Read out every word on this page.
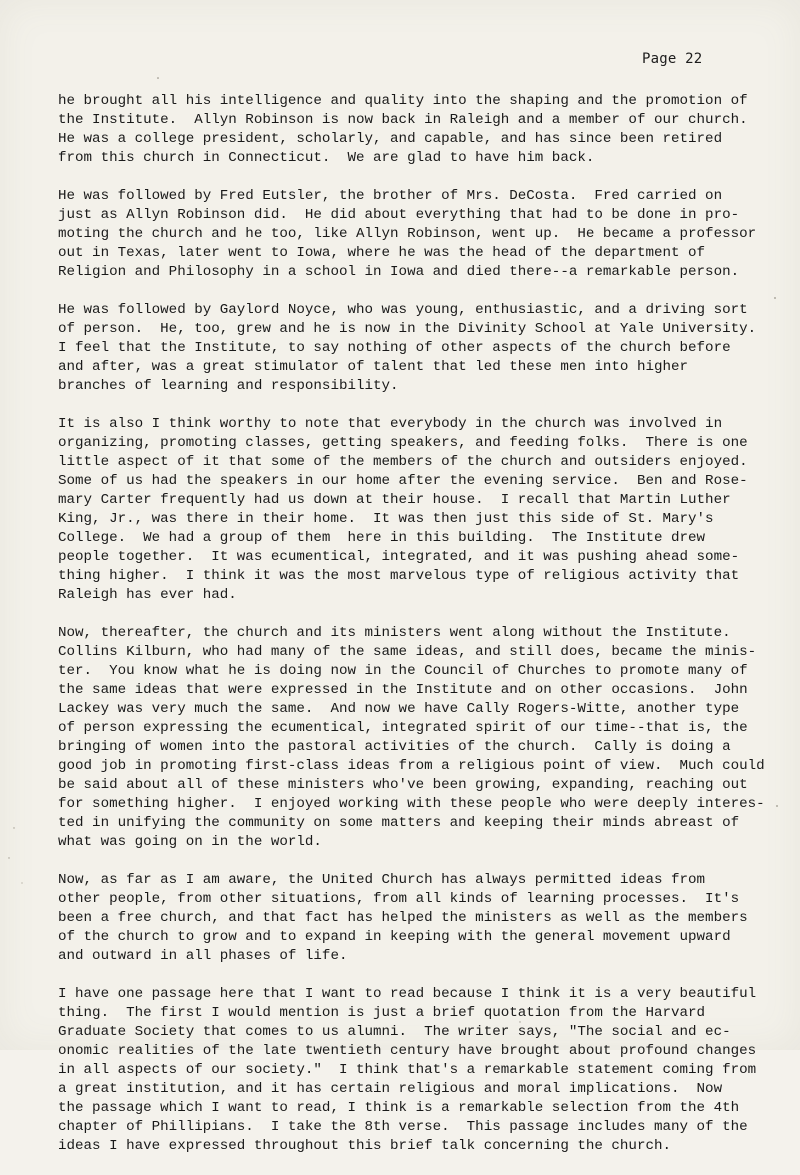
Page 22
he brought all his intelligence and quality into the shaping and the promotion of
the Institute.  Allyn Robinson is now back in Raleigh and a member of our church.
He was a college president, scholarly, and capable, and has since been retired
from this church in Connecticut.  We are glad to have him back.
He was followed by Fred Eutsler, the brother of Mrs. DeCosta.  Fred carried on
just as Allyn Robinson did.  He did about everything that had to be done in pro-
moting the church and he too, like Allyn Robinson, went up.  He became a professor
out in Texas, later went to Iowa, where he was the head of the department of
Religion and Philosophy in a school in Iowa and died there--a remarkable person.
He was followed by Gaylord Noyce, who was young, enthusiastic, and a driving sort
of person.  He, too, grew and he is now in the Divinity School at Yale University.
I feel that the Institute, to say nothing of other aspects of the church before
and after, was a great stimulator of talent that led these men into higher
branches of learning and responsibility.
It is also I think worthy to note that everybody in the church was involved in
organizing, promoting classes, getting speakers, and feeding folks.  There is one
little aspect of it that some of the members of the church and outsiders enjoyed.
Some of us had the speakers in our home after the evening service.  Ben and Rose-
mary Carter frequently had us down at their house.  I recall that Martin Luther
King, Jr., was there in their home.  It was then just this side of St. Mary's
College.  We had a group of them  here in this building.  The Institute drew
people together.  It was ecumentical, integrated, and it was pushing ahead some-
thing higher.  I think it was the most marvelous type of religious activity that
Raleigh has ever had.
Now, thereafter, the church and its ministers went along without the Institute.
Collins Kilburn, who had many of the same ideas, and still does, became the minis-
ter.  You know what he is doing now in the Council of Churches to promote many of
the same ideas that were expressed in the Institute and on other occasions.  John
Lackey was very much the same.  And now we have Cally Rogers-Witte, another type
of person expressing the ecumentical, integrated spirit of our time--that is, the
bringing of women into the pastoral activities of the church.  Cally is doing a
good job in promoting first-class ideas from a religious point of view.  Much could
be said about all of these ministers who've been growing, expanding, reaching out
for something higher.  I enjoyed working with these people who were deeply interes-
ted in unifying the community on some matters and keeping their minds abreast of
what was going on in the world.
Now, as far as I am aware, the United Church has always permitted ideas from
other people, from other situations, from all kinds of learning processes.  It's
been a free church, and that fact has helped the ministers as well as the members
of the church to grow and to expand in keeping with the general movement upward
and outward in all phases of life.
I have one passage here that I want to read because I think it is a very beautiful
thing.  The first I would mention is just a brief quotation from the Harvard
Graduate Society that comes to us alumni.  The writer says, "The social and ec-
onomic realities of the late twentieth century have brought about profound changes
in all aspects of our society."  I think that's a remarkable statement coming from
a great institution, and it has certain religious and moral implications.  Now
the passage which I want to read, I think is a remarkable selection from the 4th
chapter of Phillipians.  I take the 8th verse.  This passage includes many of the
ideas I have expressed throughout this brief talk concerning the church.
